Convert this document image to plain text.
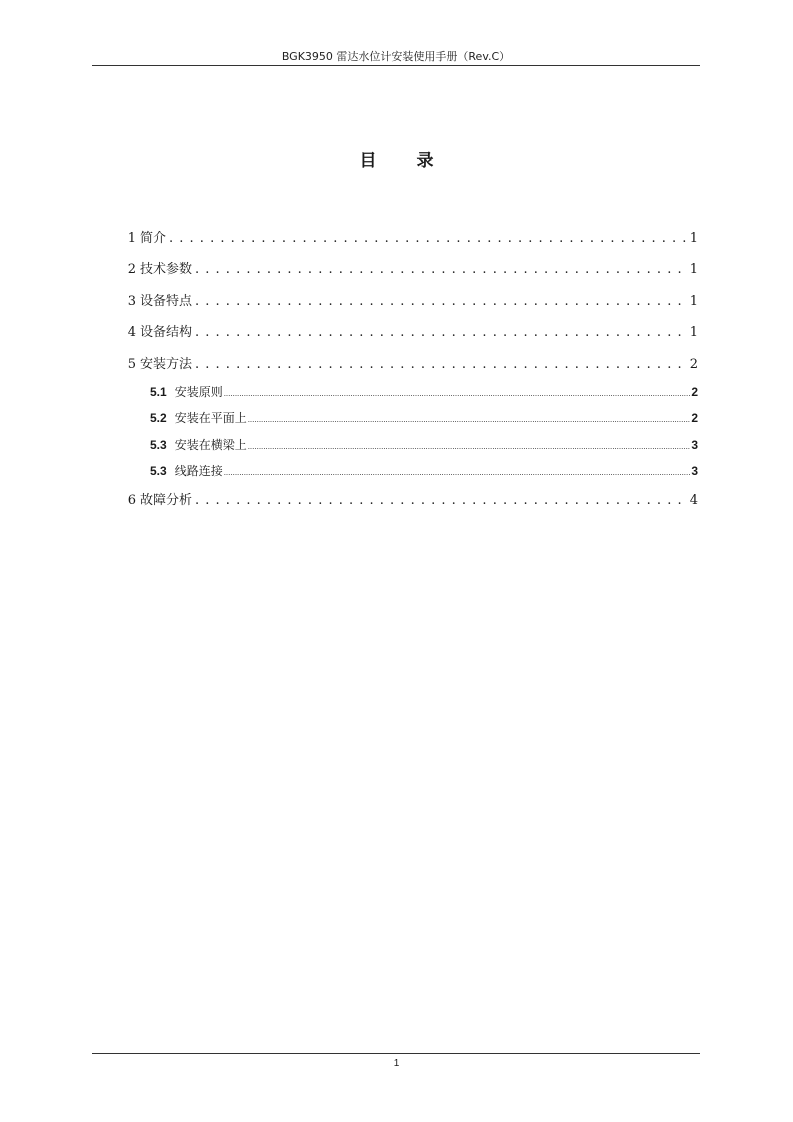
BGK3950 雷达水位计安装使用手册（Rev.C）
目录
1 简介 . . .	1
2 技术参数 . . .	1
3 设备特点 . . .	1
4 设备结构 . . .	1
5 安装方法 . . .	2
5.1 安装原则 .....	2
5.2 安装在平面上 .....	2
5.3 安装在横梁上 .....	3
5.3 线路连接 .....	3
6 故障分析 . . .	4
1
